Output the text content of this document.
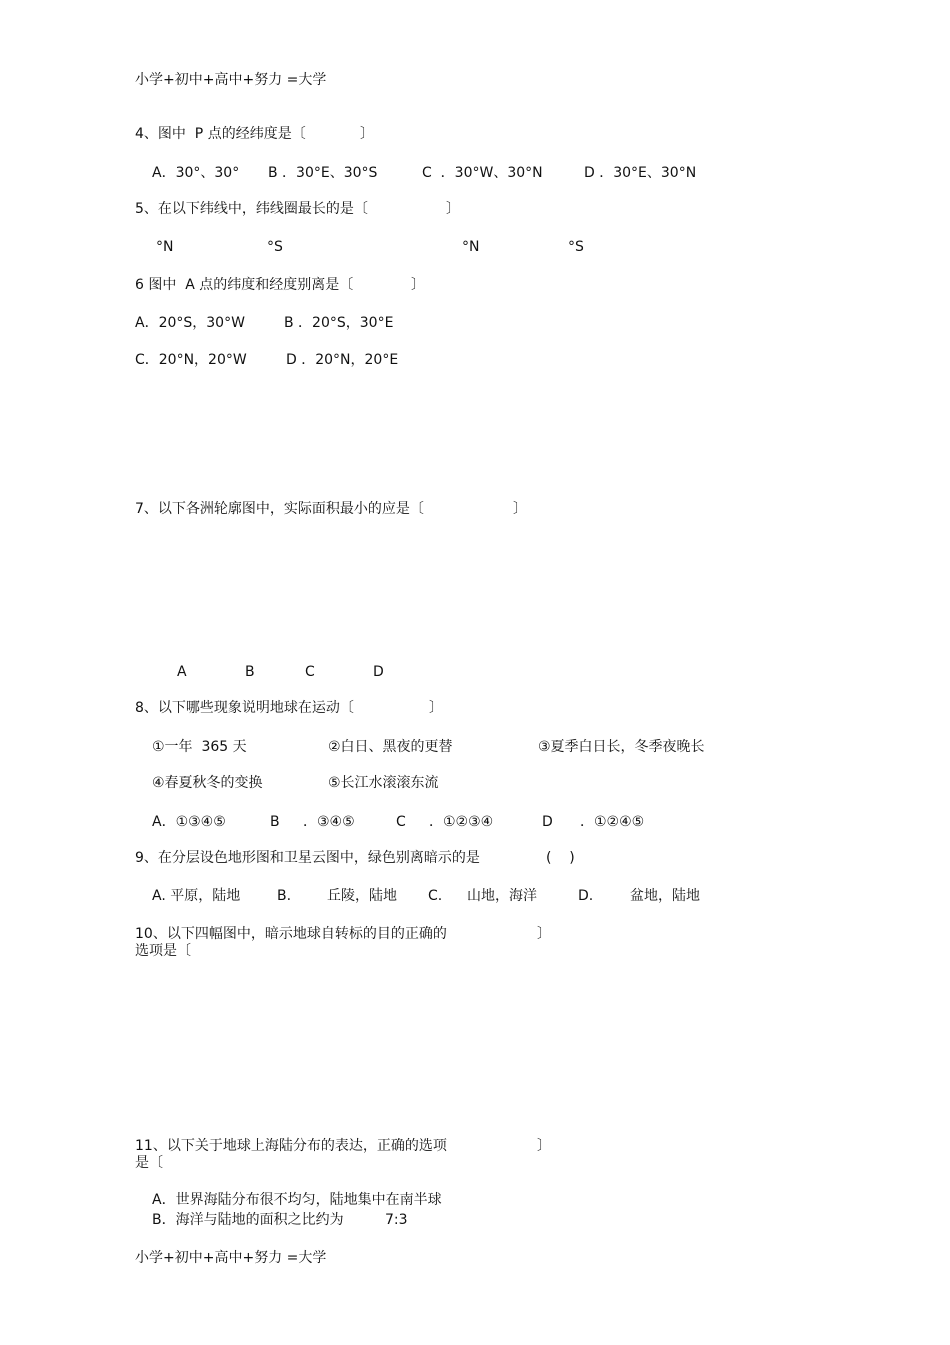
小学+初中+高中+努力 =大学
4、图中  P 点的经纬度是〔	〕
A．30°、30° B ．30°E、30°S	C  ．30°W、30°N	D ．30°E、30°N
5、在以下纬线中，纬线圈最长的是〔	〕
°N	°S	°N	°S
6 图中  A 点的纬度和经度别离是〔	〕
A．20°S，30°W	B ．20°S，30°E
C．20°N，20°W	D ．20°N，20°E
7、以下各洲轮廓图中，实际面积最小的应是〔	〕
A	B	C	D
8、以下哪些现象说明地球在运动〔	〕
①一年  365 天	②白日、黑夜的更替	③夏季白日长，冬季夜晚长
④春夏秋冬的变换	⑤长江水滚滚东流
A．①③④⑤	B ．③④⑤	C ．①②③④	D ．①②④⑤
9、在分层设色地形图和卫星云图中，绿色别离暗示的是	(    )
A. 平原，陆地	B.	丘陵，陆地 C. 山地，海洋	D.	盆地，陆地
10、以下四幅图中，暗示地球自转标的目的正确的	〕
选项是〔
11、以下关于地球上海陆分布的表达，正确的选项	〕
是〔
A．世界海陆分布很不均匀，陆地集中在南半球
B．海洋与陆地的面积之比约为	7:3
小学+初中+高中+努力 =大学
